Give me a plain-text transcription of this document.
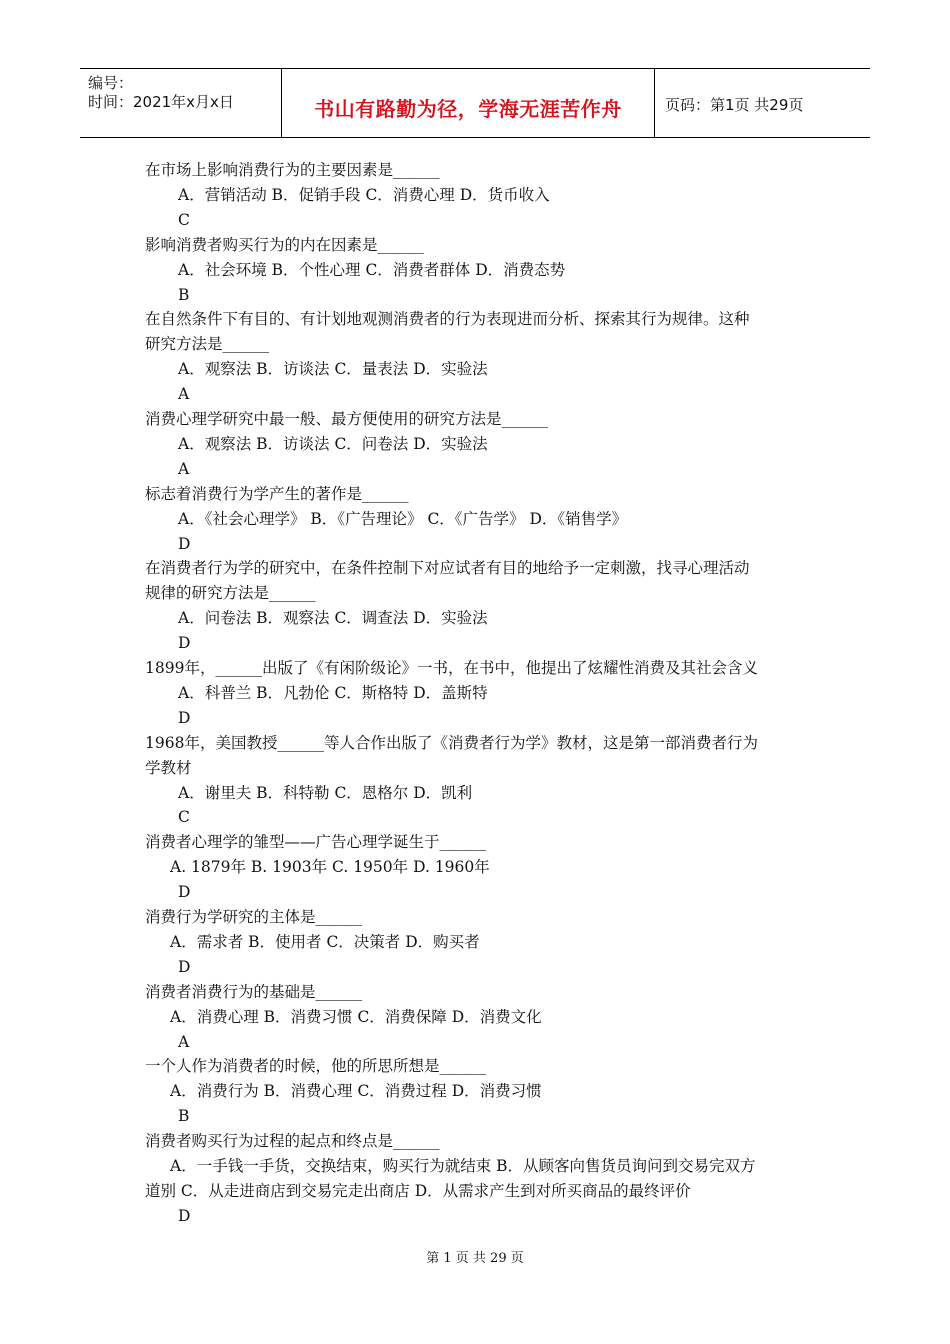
编号：
时间：2021年x月x日	书山有路勤为径，学海无涯苦作舟	页码：第1页 共29页
在市场上影响消费行为的主要因素是______
A．营销活动 B．促销手段 C．消费心理 D．货币收入
C
影响消费者购买行为的内在因素是______
A．社会环境 B．个性心理 C．消费者群体 D．消费态势
B
在自然条件下有目的、有计划地观测消费者的行为表现进而分析、探索其行为规律。这种
研究方法是______
A．观察法 B．访谈法 C．量表法 D．实验法
A
消费心理学研究中最一般、最方便使用的研究方法是______
A．观察法 B．访谈法 C．问卷法 D．实验法
A
标志着消费行为学产生的著作是______
A．《社会心理学》 B．《广告理论》 C．《广告学》 D．《销售学》
D
在消费者行为学的研究中，在条件控制下对应试者有目的地给予一定刺激，找寻心理活动
规律的研究方法是______
A．问卷法 B．观察法 C．调查法 D．实验法
D
1899年，______出版了《有闲阶级论》一书，在书中，他提出了炫耀性消费及其社会含义
A．科普兰 B．凡勃伦 C．斯格特 D．盖斯特
D
1968年，美国教授______等人合作出版了《消费者行为学》教材，这是第一部消费者行为
学教材
A．谢里夫 B．科特勒 C．恩格尔 D．凯利
C
消费者心理学的雏型——广告心理学诞生于______
A. 1879年 B. 1903年 C. 1950年 D. 1960年
D
消费行为学研究的主体是______
A．需求者 B．使用者 C．决策者 D．购买者
D
消费者消费行为的基础是______
A．消费心理 B．消费习惯 C．消费保障 D．消费文化
A
一个人作为消费者的时候，他的所思所想是______
A．消费行为 B．消费心理 C．消费过程 D．消费习惯
B
消费者购买行为过程的起点和终点是______
A．一手钱一手货，交换结束，购买行为就结束 B．从顾客向售货员询问到交易完双方
道别 C．从走进商店到交易完走出商店 D．从需求产生到对所买商品的最终评价
D
第 1 页 共 29 页
